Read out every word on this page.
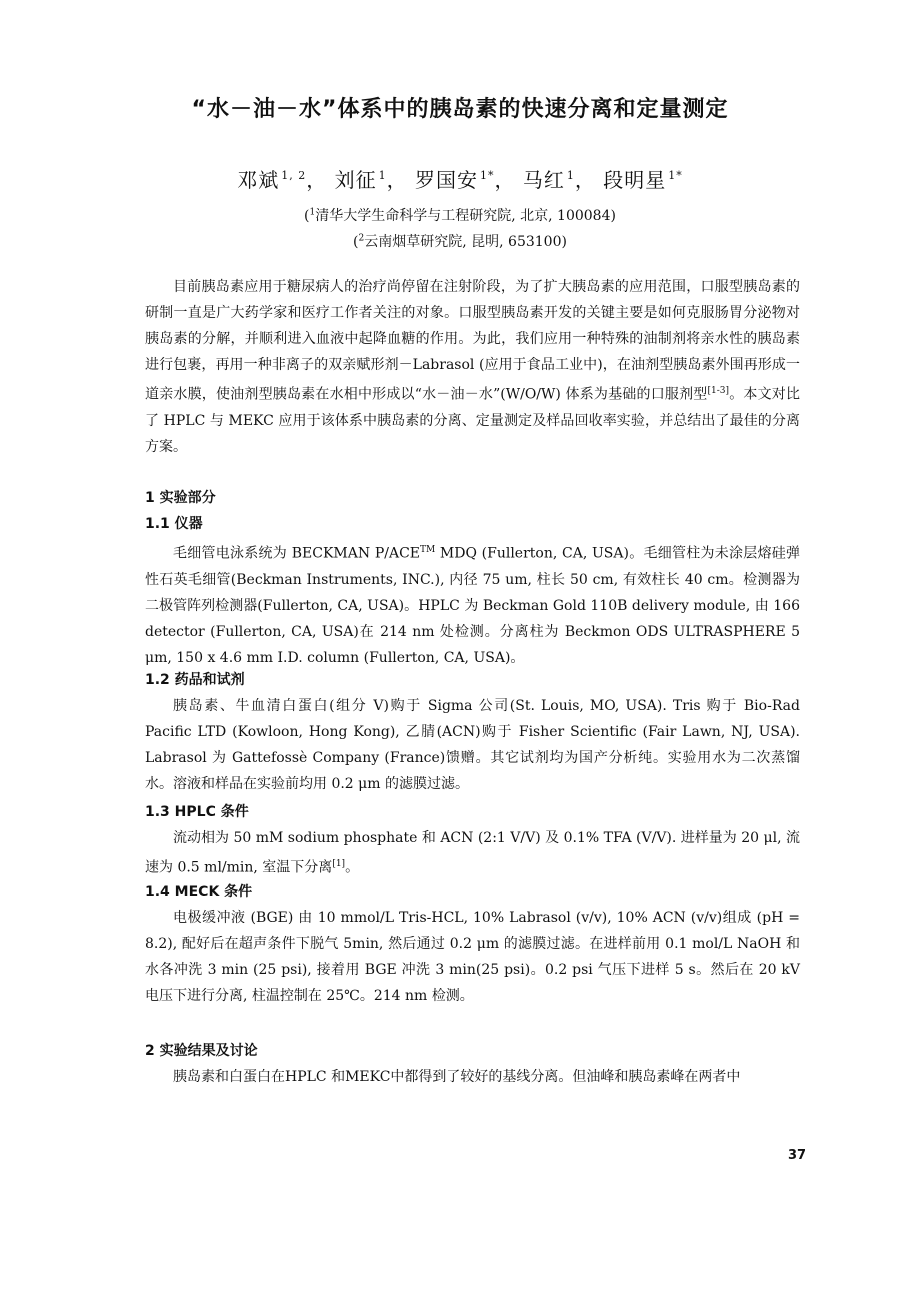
“水－油－水”体系中的胰岛素的快速分离和定量测定
邓斌 $^{1, 2}$， 刘征 $^1$， 罗国安 $^{1*}$， 马红 $^1$， 段明星 $^{1*}$
($^1$清华大学生命科学与工程研究院, 北京, 100084)
($^2$云南烟草研究院, 昆明, 653100)

目前胰岛素应用于糖尿病人的治疗尚停留在注射阶段，为了扩大胰岛素的应用范围，口服型胰岛素的研制一直是广大药学家和医疗工作者关注的对象。口服型胰岛素开发的关键主要是如何克服肠胃分泌物对胰岛素的分解，并顺利进入血液中起降血糖的作用。为此，我们应用一种特殊的油制剂将亲水性的胰岛素进行包裹，再用一种非离子的双亲赋形剂－Labrasol (应用于食品工业中)，在油剂型胰岛素外围再形成一道亲水膜，使油剂型胰岛素在水相中形成以“水－油－水”(W/O/W) 体系为基础的口服剂型[1-3]。本文对比了 HPLC 与 MEKC 应用于该体系中胰岛素的分离、定量测定及样品回收率实验，并总结出了最佳的分离方案。

1 实验部分
1.1 仪器

毛细管电泳系统为 BECKMAN P/ACE™ MDQ (Fullerton, CA, USA)。毛细管柱为未涂层熔硅弹性石英毛细管(Beckman Instruments, INC.), 内径 75 um, 柱长 50 cm, 有效柱长 40 cm。检测器为二极管阵列检测器(Fullerton, CA, USA)。HPLC 为 Beckman Gold 110B delivery module, 由 166 detector (Fullerton, CA, USA)在 214 nm 处检测。分离柱为 Beckmon ODS ULTRASPHERE 5 μm, 150 x 4.6 mm I.D. column (Fullerton, CA, USA)。

1.2 药品和试剂

胰岛素、牛血清白蛋白(组分 V)购于 Sigma 公司(St. Louis, MO, USA). Tris 购于 Bio-Rad Pacific LTD (Kowloon, Hong Kong), 乙腈(ACN)购于 Fisher Scientific (Fair Lawn, NJ, USA). Labrasol 为 Gattefossè Company (France)馈赠。其它试剂均为国产分析纯。实验用水为二次蒸馏水。溶液和样品在实验前均用 0.2 μm 的滤膜过滤。

1.3 HPLC 条件

流动相为 50 mM sodium phosphate 和 ACN (2:1 V/V) 及 0.1% TFA (V/V). 进样量为 20 μl, 流速为 0.5 ml/min, 室温下分离[1]。

1.4 MECK 条件

电极缓冲液 (BGE) 由 10 mmol/L Tris-HCL, 10% Labrasol (v/v), 10% ACN (v/v)组成 (pH = 8.2), 配好后在超声条件下脱气 5min, 然后通过 0.2 μm 的滤膜过滤。在进样前用 0.1 mol/L NaOH 和水各冲洗 3 min (25 psi), 接着用 BGE 冲洗 3 min(25 psi)。0.2 psi 气压下进样 5 s。然后在 20 kV 电压下进行分离, 柱温控制在 25℃。214 nm 检测。

2 实验结果及讨论

胰岛素和白蛋白在HPLC 和MEKC中都得到了较好的基线分离。但油峰和胰岛素峰在两者中

37
